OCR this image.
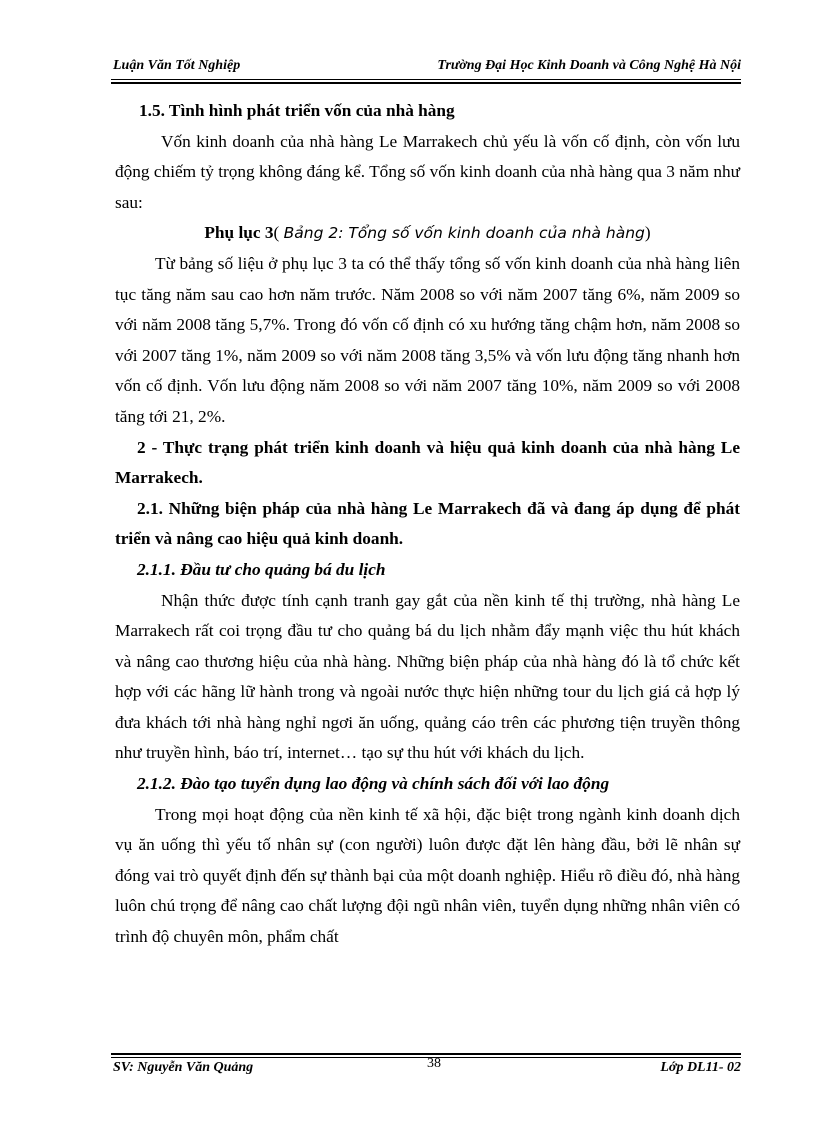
Luận Văn Tốt Nghiệp	Trường Đại Học Kinh Doanh và Công Nghệ Hà Nội

1.5. Tình hình phát triển vốn của nhà hàng

Vốn kinh doanh của nhà hàng Le Marrakech chủ yếu là vốn cố định, còn vốn lưu động chiếm tỷ trọng không đáng kể. Tổng số vốn kinh doanh của nhà hàng qua 3 năm như sau:

Phụ lục 3( Bảng 2: Tổng số vốn kinh doanh của nhà hàng)

Từ bảng số liệu ở phụ lục 3 ta có thể thấy tổng số vốn kinh doanh của nhà hàng liên tục tăng năm sau cao hơn năm trước. Năm 2008 so với năm 2007 tăng 6%, năm 2009 so với năm 2008 tăng 5,7%. Trong đó vốn cố định có xu hướng tăng chậm hơn, năm 2008 so với 2007 tăng 1%, năm 2009 so với năm 2008 tăng 3,5% và vốn lưu động tăng nhanh hơn vốn cố định. Vốn lưu động năm 2008 so với năm 2007 tăng 10%, năm 2009 so với 2008 tăng tới 21, 2%.

2 - Thực trạng phát triển kinh doanh và hiệu quả kinh doanh của nhà hàng Le Marrakech.

2.1. Những biện pháp của nhà hàng Le Marrakech đã và đang áp dụng để phát triển và nâng cao hiệu quả kinh doanh.

2.1.1. Đầu tư cho quảng bá du lịch

Nhận thức được tính cạnh tranh gay gắt của nền kinh tế thị trường, nhà hàng Le Marrakech rất coi trọng đầu tư cho quảng bá du lịch nhằm đẩy mạnh việc thu hút khách và nâng cao thương hiệu của nhà hàng. Những biện pháp của nhà hàng đó là tổ chức kết hợp với các hãng lữ hành trong và ngoài nước thực hiện những tour du lịch giá cả hợp lý đưa khách tới nhà hàng nghỉ ngơi ăn uống, quảng cáo trên các phương tiện truyền thông như truyền hình, báo trí, internet… tạo sự thu hút với khách du lịch.

2.1.2. Đào tạo tuyển dụng lao động và chính sách đối với lao động

Trong mọi hoạt động của nền kinh tế xã hội, đặc biệt trong ngành kinh doanh dịch vụ ăn uống thì yếu tố nhân sự (con người) luôn được đặt lên hàng đầu, bởi lẽ nhân sự đóng vai trò quyết định đến sự thành bại của một doanh nghiệp. Hiểu rõ điều đó, nhà hàng luôn chú trọng để nâng cao chất lượng đội ngũ nhân viên, tuyển dụng những nhân viên có trình độ chuyên môn, phẩm chất

SV: Nguyễn Văn Quảng	38	Lớp DL11- 02
